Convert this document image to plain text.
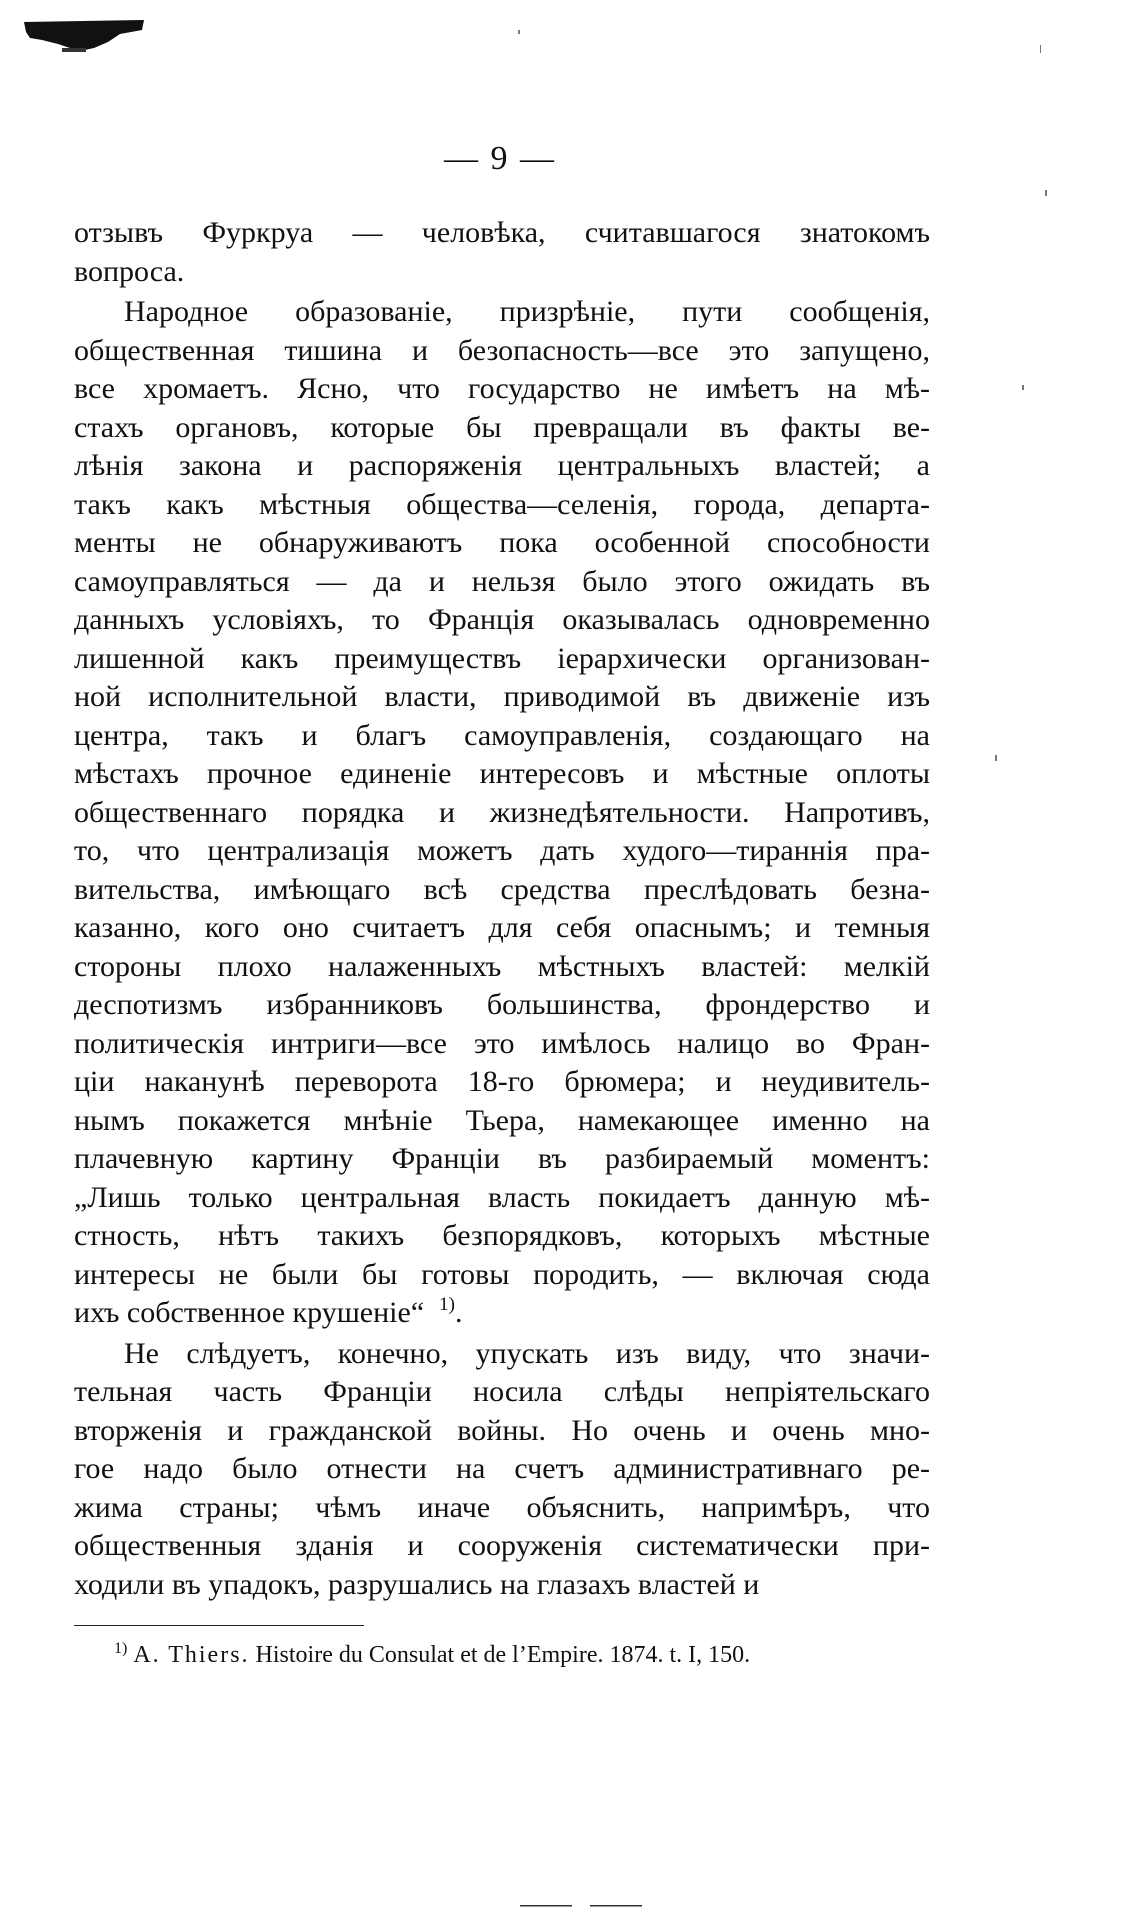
— 9 —
отзывъ Фуркруа — человѣка, считавшагося знатокомъ
вопроса.
Народное образованіе, призрѣніе, пути сообщенія,
общественная тишина и безопасность—все это запущено,
все хромаетъ. Ясно, что государство не имѣетъ на мѣ-
стахъ органовъ, которые бы превращали въ факты ве-
лѣнія закона и распоряженія центральныхъ властей; а
такъ какъ мѣстныя общества—селенія, города, департа-
менты не обнаруживаютъ пока особенной способности
самоуправляться — да и нельзя было этого ожидать въ
данныхъ условіяхъ, то Франція оказывалась одновременно
лишенной какъ преимуществъ іерархически организован-
ной исполнительной власти, приводимой въ движеніе изъ
центра, такъ и благъ самоуправленія, создающаго на
мѣстахъ прочное единеніе интересовъ и мѣстные оплоты
общественнаго порядка и жизнедѣятельности. Напротивъ,
то, что централизація можетъ дать худого—тираннія пра-
вительства, имѣющаго всѣ средства преслѣдовать безна-
казанно, кого оно считаетъ для себя опаснымъ; и темныя
стороны плохо налаженныхъ мѣстныхъ властей: мелкій
деспотизмъ избранниковъ большинства, фрондерство и
политическія интриги—все это имѣлось налицо во Фран-
ціи наканунѣ переворота 18-го брюмера; и неудивитель-
нымъ покажется мнѣніе Тьера, намекающее именно на
плачевную картину Франціи въ разбираемый моментъ:
„Лишь только центральная власть покидаетъ данную мѣ-
стность, нѣтъ такихъ безпорядковъ, которыхъ мѣстные
интересы не были бы готовы породить, — включая сюда
ихъ собственное крушеніе“ $^{1)}$.
Не слѣдуетъ, конечно, упускать изъ виду, что значи-
тельная часть Франціи носила слѣды непріятельскаго
вторженія и гражданской войны. Но очень и очень мно-
гое надо было отнести на счетъ административнаго ре-
жима страны; чѣмъ иначе объяснить, напримѣръ, что
общественныя зданія и сооруженія систематически при-
ходили въ упадокъ, разрушались на глазахъ властей и
$^{1)}$ A. Thiers. Histoire du Consulat et de l’Empire. 1874. t. I, 150.
